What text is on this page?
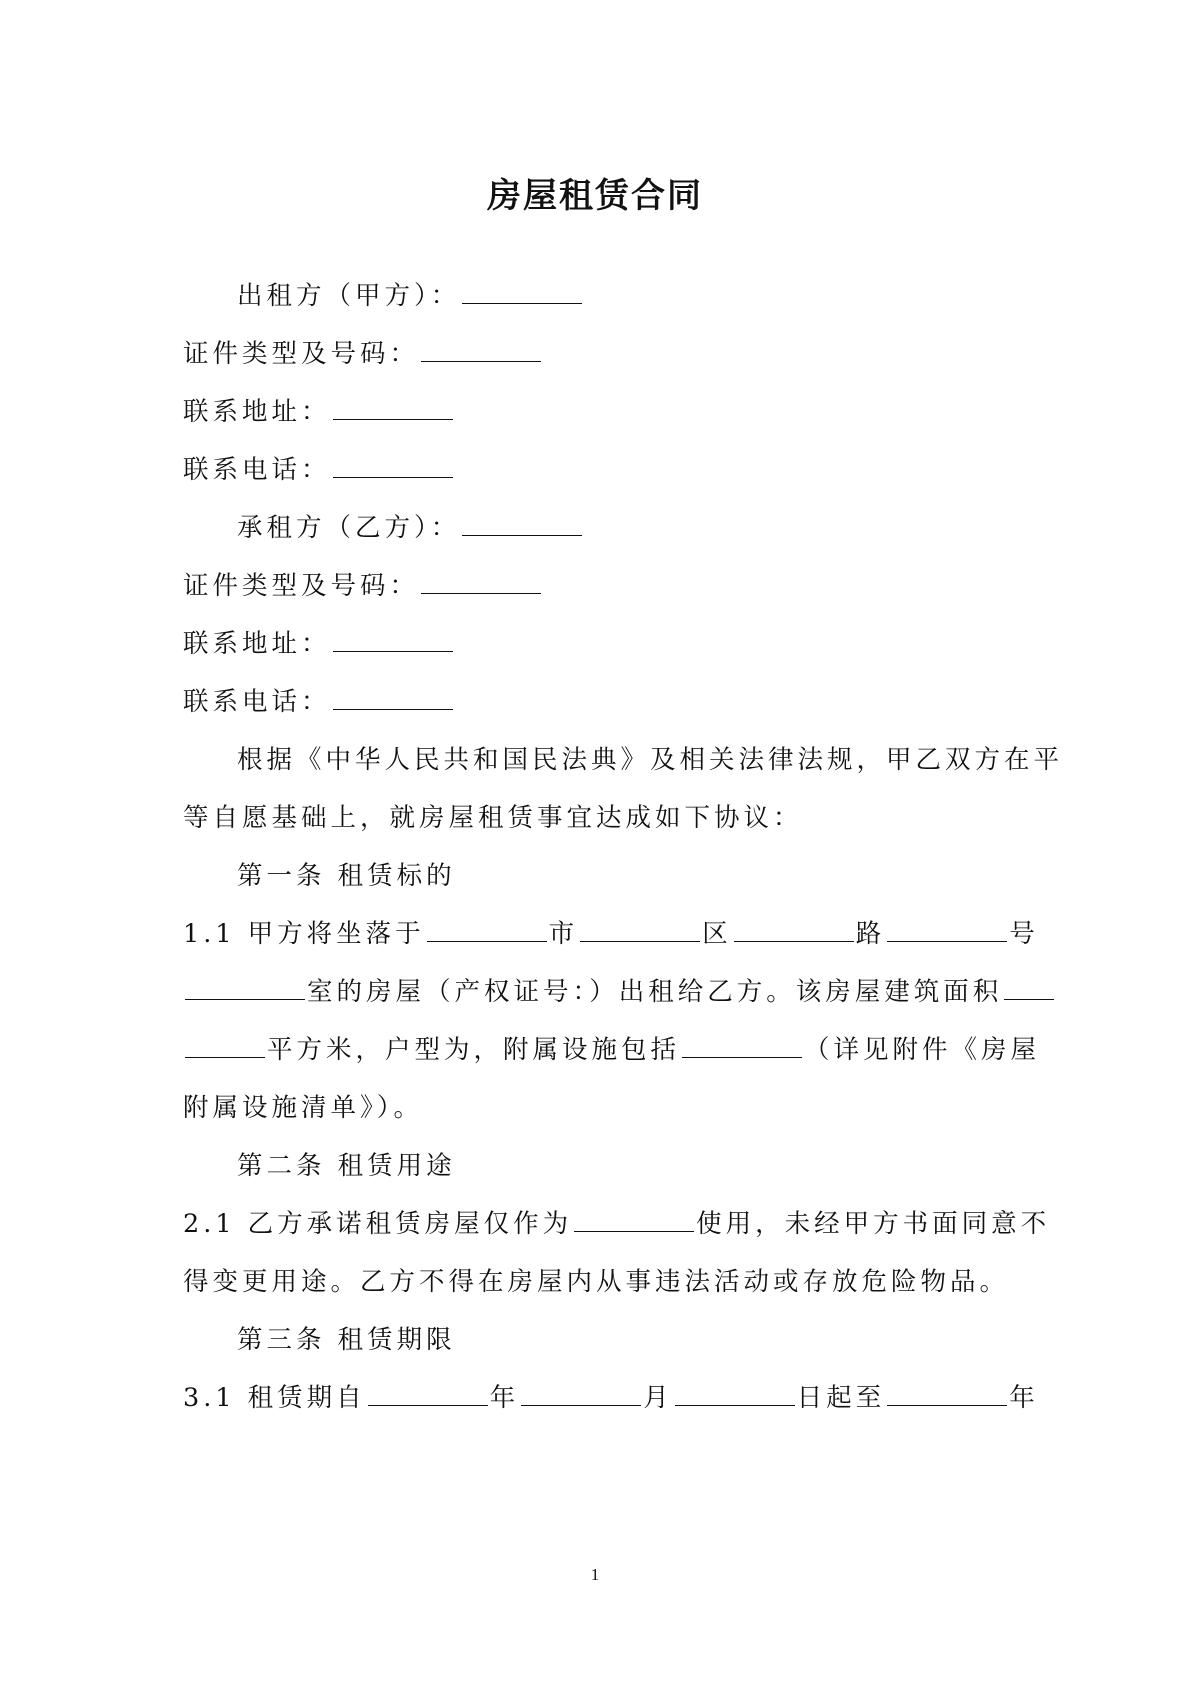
房屋租赁合同
出租方（甲方）：
证件类型及号码：
联系地址：
联系电话：
承租方（乙方）：
证件类型及号码：
联系地址：
联系电话：
根据《中华人民共和国民法典》及相关法律法规，甲乙双方在平
等自愿基础上，就房屋租赁事宜达成如下协议：
第一条 租赁标的
1.1 甲方将坐落于	市	区	路	号
室的房屋（产权证号：）出租给乙方。该房屋建筑面积
平方米，户型为，附属设施包括	（详见附件《房屋
附属设施清单》）。
第二条 租赁用途
2.1 乙方承诺租赁房屋仅作为	使用，未经甲方书面同意不
得变更用途。乙方不得在房屋内从事违法活动或存放危险物品。
第三条 租赁期限
3.1 租赁期自	年	月	日起至	年
1
